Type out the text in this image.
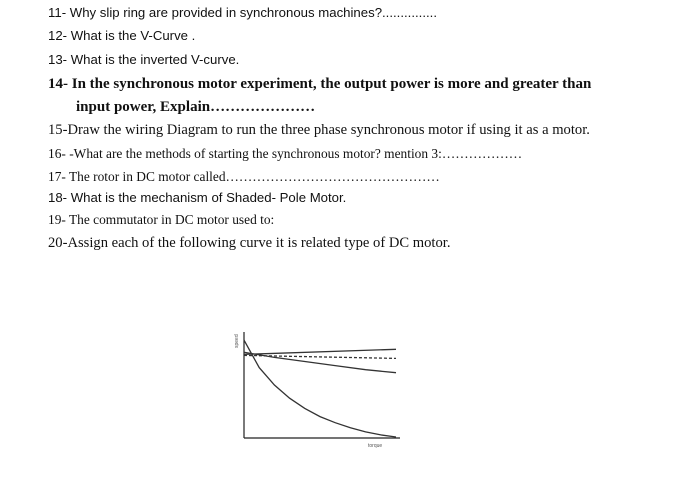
11- Why slip ring are provided in synchronous machines?...............
12- What is the V-Curve .
13- What is the inverted V-curve.
14- In the synchronous motor experiment, the output power is more and greater than
input power, Explain…………………
15-Draw the wiring Diagram to run the three phase synchronous motor if using it as a motor.
16- -What are the methods of starting the synchronous motor? mention 3:………………
17- The rotor in DC motor called…………………………………………
18- What is the mechanism of Shaded- Pole Motor.
19- The commutator in DC motor used to:
20-Assign each of the following curve it is related type of DC motor.
speed
torque
